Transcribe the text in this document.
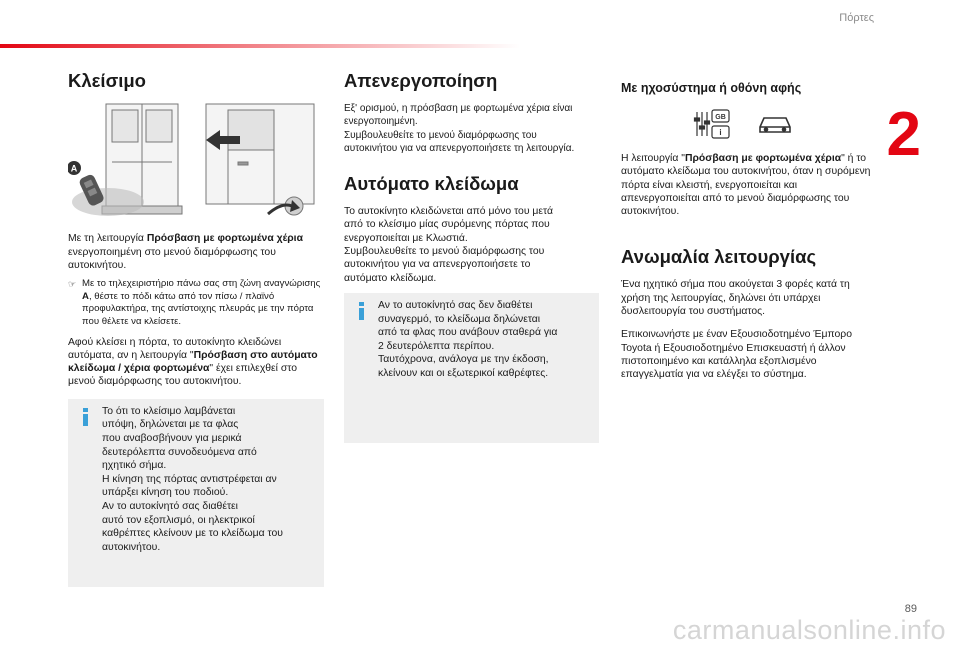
Πόρτες
2
Κλείσιμο
A

Με τη λειτουργία Πρόσβαση με φορτωμένα χέρια ενεργοποιημένη στο μενού διαμόρφωσης του αυτοκινήτου.

☞ Με το τηλεχειριστήριο πάνω σας στη ζώνη αναγνώρισης A, θέστε το πόδι κάτω από τον πίσω / πλαϊνό προφυλακτήρα, της αντίστοιχης πλευράς με την πόρτα που θέλετε να κλείσετε.

Αφού κλείσει η πόρτα, το αυτοκίνητο κλειδώνει αυτόματα, αν η λειτουργία "Πρόσβαση στο αυτόματο κλείδωμα / χέρια φορτωμένα" έχει επιλεχθεί στο μενού διαμόρφωσης του αυτοκινήτου.

Το ότι το κλείσιμο λαμβάνεται
υπόψη, δηλώνεται με τα φλας
που αναβοσβήνουν για μερικά
δευτερόλεπτα συνοδευόμενα από
ηχητικό σήμα.
Η κίνηση της πόρτας αντιστρέφεται αν
υπάρξει κίνηση του ποδιού.
Αν το αυτοκίνητό σας διαθέτει
αυτό τον εξοπλισμό, οι ηλεκτρικοί
καθρέπτες κλείνουν με το κλείδωμα του
αυτοκινήτου.
Απενεργοποίηση
Εξ' ορισμού, η πρόσβαση με φορτωμένα χέρια είναι
ενεργοποιημένη.
Συμβουλευθείτε το μενού διαμόρφωσης του
αυτοκινήτου για να απενεργοποιήσετε τη λειτουργία.
Αυτόματο κλείδωμα
Το αυτοκίνητο κλειδώνεται από μόνο του μετά
από το κλείσιμο μίας συρόμενης πόρτας που
ενεργοποιείται με Κλωστιά.
Συμβουλευθείτε το μενού διαμόρφωσης του
αυτοκινήτου για να απενεργοποιήσετε το
αυτόματο κλείδωμα.
Αν το αυτοκίνητό σας δεν διαθέτει
συναγερμό, το κλείδωμα δηλώνεται
από τα φλας που ανάβουν σταθερά για
2 δευτερόλεπτα περίπου.
Ταυτόχρονα, ανάλογα με την έκδοση,
κλείνουν και οι εξωτερικοί καθρέφτες.
Με ηχοσύστημα ή οθόνη αφής
GB
i

Η λειτουργία "Πρόσβαση με φορτωμένα χέρια" ή το αυτόματο κλείδωμα του αυτοκινήτου, όταν η συρόμενη πόρτα είναι κλειστή, ενεργοποιείται και απενεργοποιείται από το μενού διαμόρφωσης του αυτοκινήτου.

Ανωμαλία λειτουργίας

Ένα ηχητικό σήμα που ακούγεται 3 φορές κατά τη χρήση της λειτουργίας, δηλώνει ότι υπάρχει δυσλειτουργία του συστήματος.

Επικοινωνήστε με έναν Εξουσιοδοτημένο Έμπορο Toyota ή Εξουσιοδοτημένο Επισκευαστή ή άλλον πιστοποιημένο και κατάλληλα εξοπλισμένο επαγγελματία για να ελέγξει το σύστημα.

89
carmanualsonline.info
